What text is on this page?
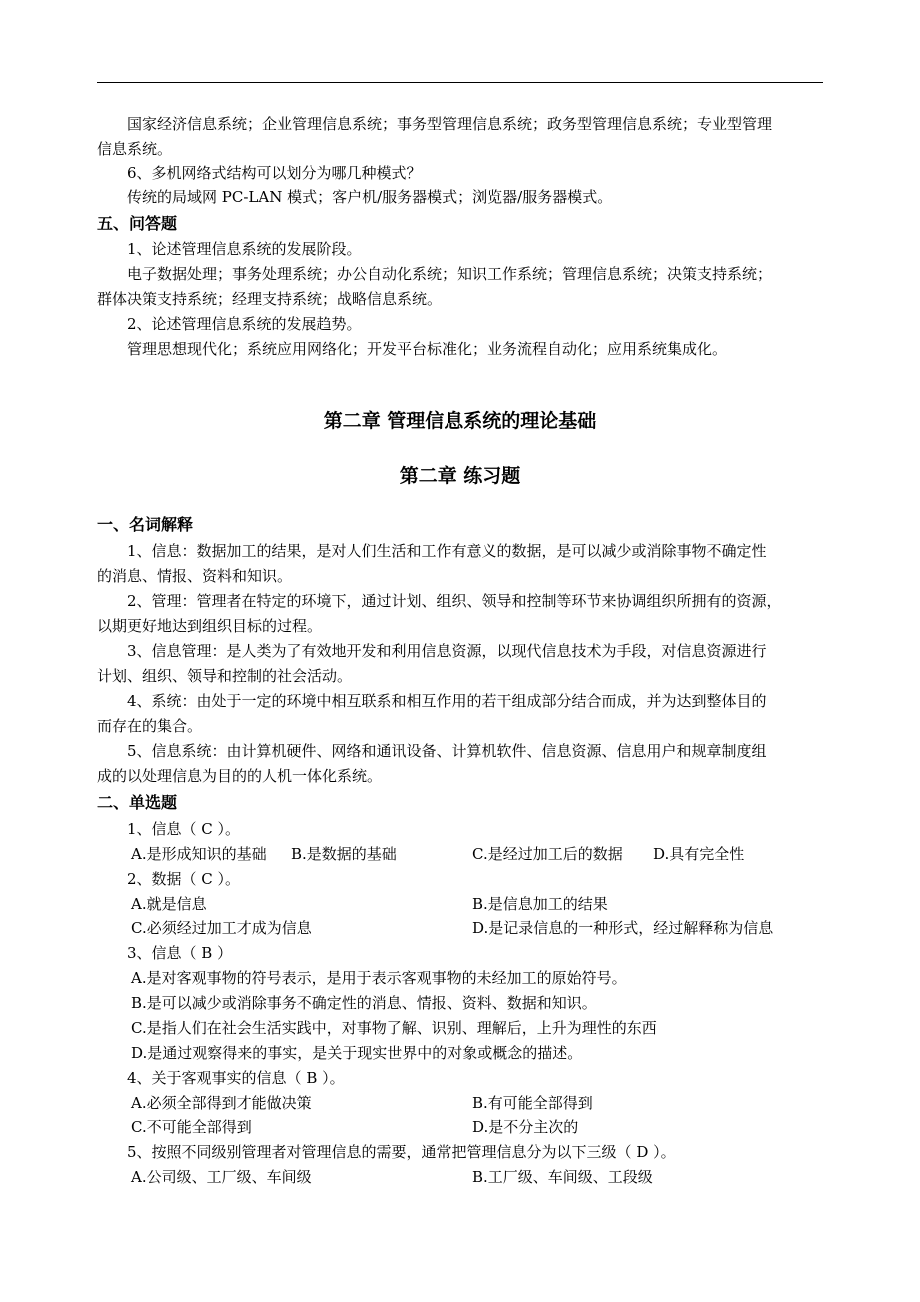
国家经济信息系统；企业管理信息系统；事务型管理信息系统；政务型管理信息系统；专业型管理
信息系统。
6、多机网络式结构可以划分为哪几种模式？
传统的局域网 PC-LAN 模式；客户机/服务器模式；浏览器/服务器模式。
五、问答题
1、论述管理信息系统的发展阶段。
电子数据处理；事务处理系统；办公自动化系统；知识工作系统；管理信息系统；决策支持系统；
群体决策支持系统；经理支持系统；战略信息系统。
2、论述管理信息系统的发展趋势。
管理思想现代化；系统应用网络化；开发平台标准化；业务流程自动化；应用系统集成化。
第二章 管理信息系统的理论基础
第二章 练习题
一、名词解释
1、信息：数据加工的结果，是对人们生活和工作有意义的数据，是可以减少或消除事物不确定性
的消息、情报、资料和知识。
2、管理：管理者在特定的环境下，通过计划、组织、领导和控制等环节来协调组织所拥有的资源，
以期更好地达到组织目标的过程。
3、信息管理：是人类为了有效地开发和利用信息资源，以现代信息技术为手段，对信息资源进行
计划、组织、领导和控制的社会活动。
4、系统：由处于一定的环境中相互联系和相互作用的若干组成部分结合而成，并为达到整体目的
而存在的集合。
5、信息系统：由计算机硬件、网络和通讯设备、计算机软件、信息资源、信息用户和规章制度组
成的以处理信息为目的的人机一体化系统。
二、单选题
1、信息（ C ）。
A.是形成知识的基础 B.是数据的基础	C.是经过加工后的数据 D.具有完全性
2、数据（ C ）。
A.就是信息	B.是信息加工的结果
C.必须经过加工才成为信息	D.是记录信息的一种形式，经过解释称为信息
3、信息（ B ）
A.是对客观事物的符号表示，是用于表示客观事物的未经加工的原始符号。
B.是可以减少或消除事务不确定性的消息、情报、资料、数据和知识。
C.是指人们在社会生活实践中，对事物了解、识别、理解后，上升为理性的东西
D.是通过观察得来的事实，是关于现实世界中的对象或概念的描述。
4、关于客观事实的信息（ B ）。
A.必须全部得到才能做决策	B.有可能全部得到
C.不可能全部得到	D.是不分主次的
5、按照不同级别管理者对管理信息的需要，通常把管理信息分为以下三级（ D ）。
A.公司级、工厂级、车间级	B.工厂级、车间级、工段级
